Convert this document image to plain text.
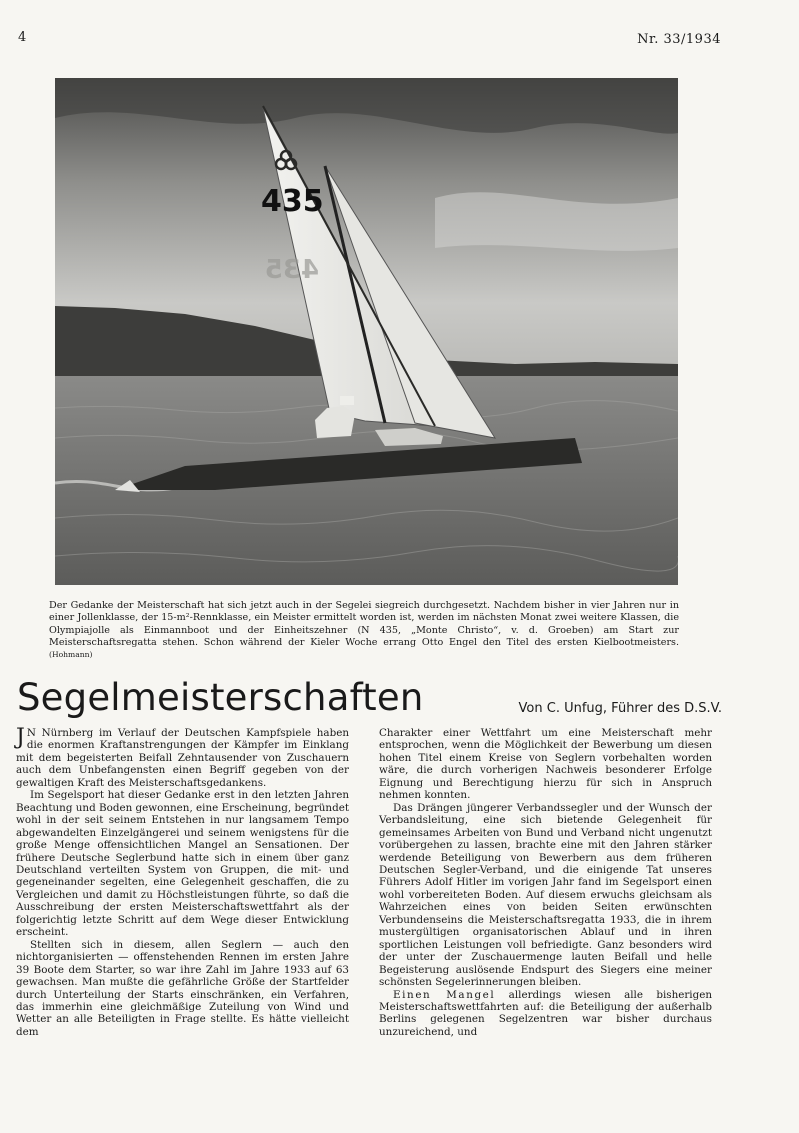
4	Nr. 33/1934
435
435
Der Gedanke der Meisterschaft hat sich jetzt auch in der Segelei siegreich durchgesetzt. Nachdem bisher in vier Jahren nur in einer Jollenklasse, der 15-m²-Rennklasse, ein Meister ermittelt worden ist, werden im nächsten Monat zwei weitere Klassen, die Olympiajolle als Einmannboot und der Einheitszehner (N 435, „Monte Christo“, v. d. Groeben) am Start zur Meisterschaftsregatta stehen. Schon während der Kieler Woche errang Otto Engel den Titel des ersten Kielbootmeisters. (Hohmann)
Segelmeisterschaften	Von C. Unfug, Führer des D.S.V.

J N Nürnberg im Verlauf der Deutschen Kampfspiele haben die enormen Kraftanstrengungen der Kämpfer im Einklang mit dem begeisterten Beifall Zehntausender von Zuschauern auch dem Unbefangensten einen Begriff gegeben von der gewaltigen Kraft des Meisterschaftsgedankens.

Im Segelsport hat dieser Gedanke erst in den letzten Jahren Beachtung und Boden gewonnen, eine Erscheinung, begründet wohl in der seit seinem Entstehen in nur langsamem Tempo abgewandelten Einzelgängerei und seinem wenigstens für die große Menge offensichtlichen Mangel an Sensationen. Der frühere Deutsche Seglerbund hatte sich in einem über ganz Deutschland verteilten System von Gruppen, die mit- und gegeneinander segelten, eine Gelegenheit geschaffen, die zu Vergleichen und damit zu Höchstleistungen führte, so daß die Ausschreibung der ersten Meisterschaftswettfahrt als der folgerichtig letzte Schritt auf dem Wege dieser Entwicklung erscheint.

Stellten sich in diesem, allen Seglern — auch den nichtorganisierten — offenstehenden Rennen im ersten Jahre 39 Boote dem Starter, so war ihre Zahl im Jahre 1933 auf 63 gewachsen. Man mußte die gefährliche Größe der Startfelder durch Unterteilung der Starts einschränken, ein Verfahren, das immerhin eine gleichmäßige Zuteilung von Wind und Wetter an alle Beteiligten in Frage stellte. Es hätte vielleicht dem

Charakter einer Wettfahrt um eine Meisterschaft mehr entsprochen, wenn die Möglichkeit der Bewerbung um diesen hohen Titel einem Kreise von Seglern vorbehalten worden wäre, die durch vorherigen Nachweis besonderer Erfolge Eignung und Berechtigung hierzu für sich in Anspruch nehmen konnten.

Das Drängen jüngerer Verbandssegler und der Wunsch der Verbandsleitung, eine sich bietende Gelegenheit für gemeinsames Arbeiten von Bund und Verband nicht ungenutzt vorübergehen zu lassen, brachte eine mit den Jahren stärker werdende Beteiligung von Bewerbern aus dem früheren Deutschen Segler-Verband, und die einigende Tat unseres Führers Adolf Hitler im vorigen Jahr fand im Segelsport einen wohl vorbereiteten Boden. Auf diesem erwuchs gleichsam als Wahrzeichen eines von beiden Seiten erwünschten Verbundenseins die Meisterschaftsregatta 1933, die in ihrem mustergültigen organisatorischen Ablauf und in ihren sportlichen Leistungen voll befriedigte. Ganz besonders wird der unter der Zuschauermenge lauten Beifall und helle Begeisterung auslösende Endspurt des Siegers eine meiner schönsten Segelerinnerungen bleiben.

Einen Mangel allerdings wiesen alle bisherigen Meisterschaftswettfahrten auf: die Beteiligung der außerhalb Berlins gelegenen Segelzentren war bisher durchaus unzureichend, und
